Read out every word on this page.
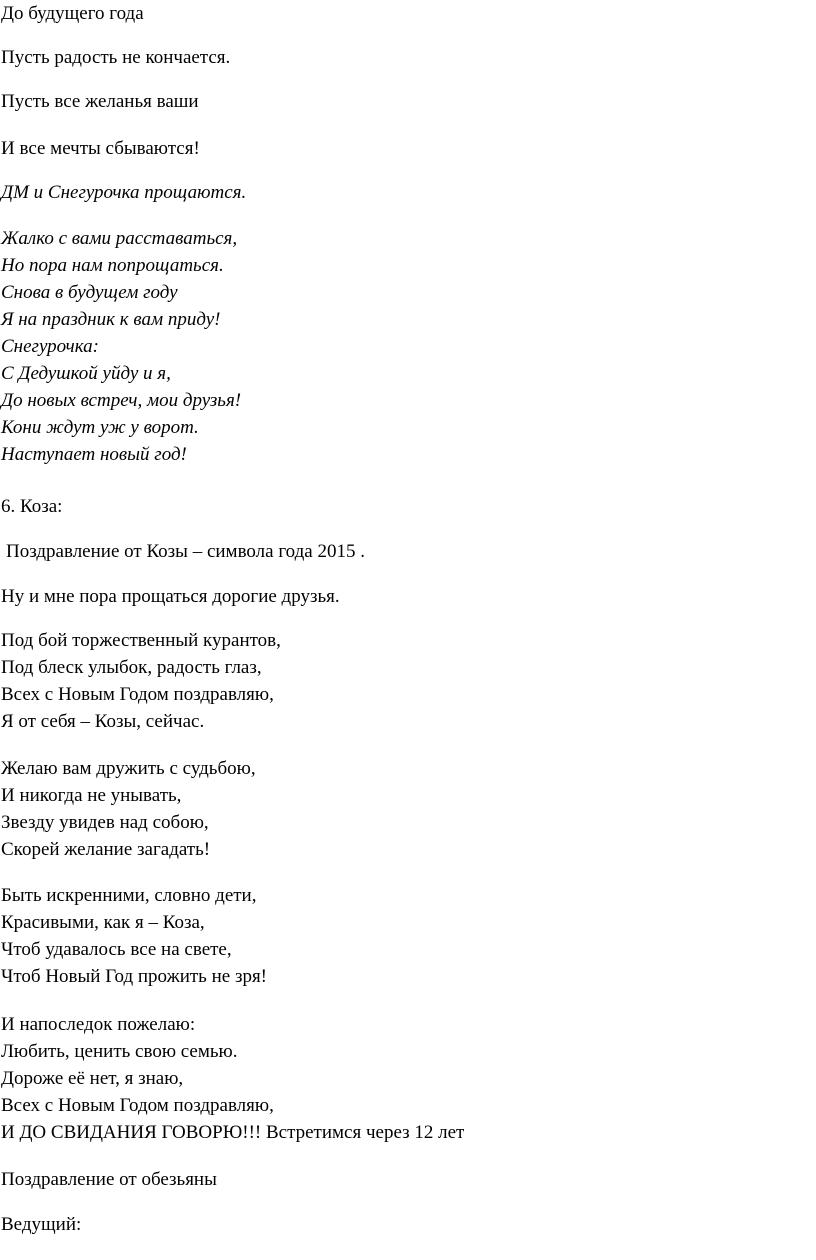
До будущего года

Пусть радость не кончается.

Пусть все желанья ваши

И все мечты сбываются!

ДМ и Снегурочка прощаются.

Жалко с вами расставаться,
Но пора нам попрощаться.
Снова в будущем году
Я на праздник к вам приду!
Снегурочка:
С Дедушкой уйду и я,
До новых встреч, мои друзья!
Кони ждут уж у ворот.
Наступает новый год!

6. Коза:

Поздравление от Козы – символа года 2015 .

Ну и мне пора прощаться дорогие друзья.

Под бой торжественный курантов,
Под блеск улыбок, радость глаз,
Всех с Новым Годом поздравляю,
Я от себя – Козы, сейчас.

Желаю вам дружить с судьбою,
И никогда не унывать,
Звезду увидев над собою,
Скорей желание загадать!

Быть искренними, словно дети,
Красивыми, как я – Коза,
Чтоб удавалось все на свете,
Чтоб Новый Год прожить не зря!

И напоследок пожелаю:
Любить, ценить свою семью.
Дороже её нет, я знаю,
Всех с Новым Годом поздравляю,
И ДО СВИДАНИЯ ГОВОРЮ!!! Встретимся через 12 лет

Поздравление от обезьяны

Ведущий:
